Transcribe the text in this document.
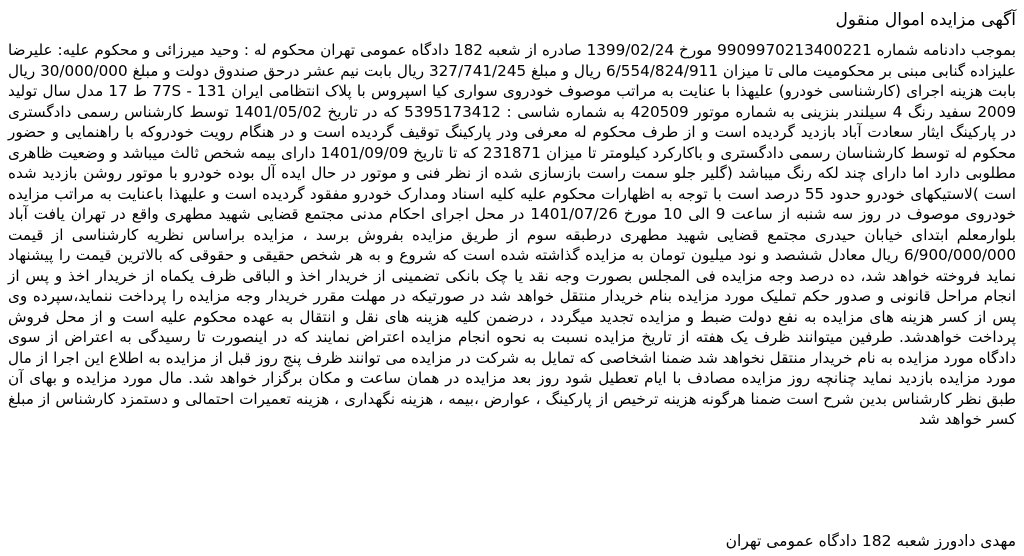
آگهی مزایده اموال منقول

بموجب دادنامه شماره 9909970213400221 مورخ 1399/02/24 صادره از شعبه 182 دادگاه عمومی تهران محکوم له : وحید میرزائی و محکوم علیه: علیرضا علیزاده گنابی مبنی بر محکومیت مالی تا میزان 6/554/824/911 ریال و مبلغ 327/741/245 ریال بابت نیم عشر درحق صندوق دولت و مبلغ 30/000/000 ریال بابت هزینه اجرای (کارشناسی خودرو) علیهذا با عنایت به مراتب موصوف خودروی سواری کیا اسپروس با پلاک انتظامی ایران 77S - 131 ط 17 مدل سال تولید 2009 سفید رنگ 4 سیلندر بنزینی به شماره موتور 420509 به شماره شاسی : 5395173412 که در تاریخ 1401/05/02 توسط کارشناس رسمی دادگستری در پارکینگ ایثار سعادت آباد بازدید گردیده است و از طرف محکوم له معرفی ودر پارکینگ توقیف گردیده است و در هنگام رویت خودروکه با راهنمایی و حضور محکوم له توسط کارشناسان رسمی دادگستری و باکارکرد کیلومتر تا میزان 231871 که تا تاریخ 1401/09/09 دارای بیمه شخص ثالث میباشد و وضعیت ظاهری مطلوبی دارد اما دارای چند لکه رنگ میباشد (گلیر جلو سمت راست بازسازی شده از نظر فنی و موتور در حال ایده آل بوده خودرو با موتور روشن بازدید شده است )لاستیکهای خودرو حدود 55 درصد است با توجه به اظهارات محکوم علیه کلیه اسناد ومدارک خودرو مفقود گردیده است و علیهذا باعنایت به مراتب مزایده خودروی موصوف در روز سه شنبه از ساعت 9 الی 10 مورخ 1401/07/26 در محل اجرای احکام مدنی مجتمع قضایی شهید مطهری واقع در تهران یافت آباد بلوارمعلم ابتدای خیابان حیدری مجتمع قضایی شهید مطهری درطبقه سوم از طریق مزایده بفروش برسد ، مزایده براساس نظریه کارشناسی از قیمت 6/900/000/000 ریال معادل ششصد و نود میلیون تومان به مزایده گذاشته شده است که شروع و به هر شخص حقیقی و حقوقی که بالاترین قیمت را پیشنهاد نماید فروخته خواهد شد، ده درصد وجه مزایده فی المجلس بصورت وجه نقد یا چک بانکی تضمینی از خریدار اخذ و الباقی ظرف یکماه از خریدار اخذ و پس از انجام مراحل قانونی و صدور حکم تملیک مورد مزایده بنام خریدار منتقل خواهد شد در صورتیکه در مهلت مقرر خریدار وجه مزایده را پرداخت ننماید،سپرده وی پس از کسر هزینه های مزایده به نفع دولت ضبط و مزایده تجدید میگردد ، درضمن کلیه هزینه های نقل و انتقال به عهده محکوم علیه است و از محل فروش پرداخت خواهدشد. طرفین میتوانند ظرف یک هفته از تاریخ مزایده نسبت به نحوه انجام مزایده اعتراض نمایند که در اینصورت تا رسیدگی به اعتراض از سوی دادگاه مورد مزایده به نام خریدار منتقل نخواهد شد ضمنا اشخاصی که تمایل به شرکت در مزایده می توانند ظرف پنج روز قبل از مزایده به اطلاع این اجرا از مال مورد مزایده بازدید نماید چنانچه روز مزایده مصادف با ایام تعطیل شود روز بعد مزایده در همان ساعت و مکان برگزار خواهد شد. مال مورد مزایده و بهای آن طبق نظر کارشناس بدین شرح است ضمنا هرگونه هزینه ترخیص از پارکینگ ، عوارض ،بیمه ، هزینه نگهداری ، هزینه تعمیرات احتمالی و دستمزد کارشناس از مبلغ کسر خواهد شد

مهدی دادورز شعبه 182 دادگاه عمومی تهران
